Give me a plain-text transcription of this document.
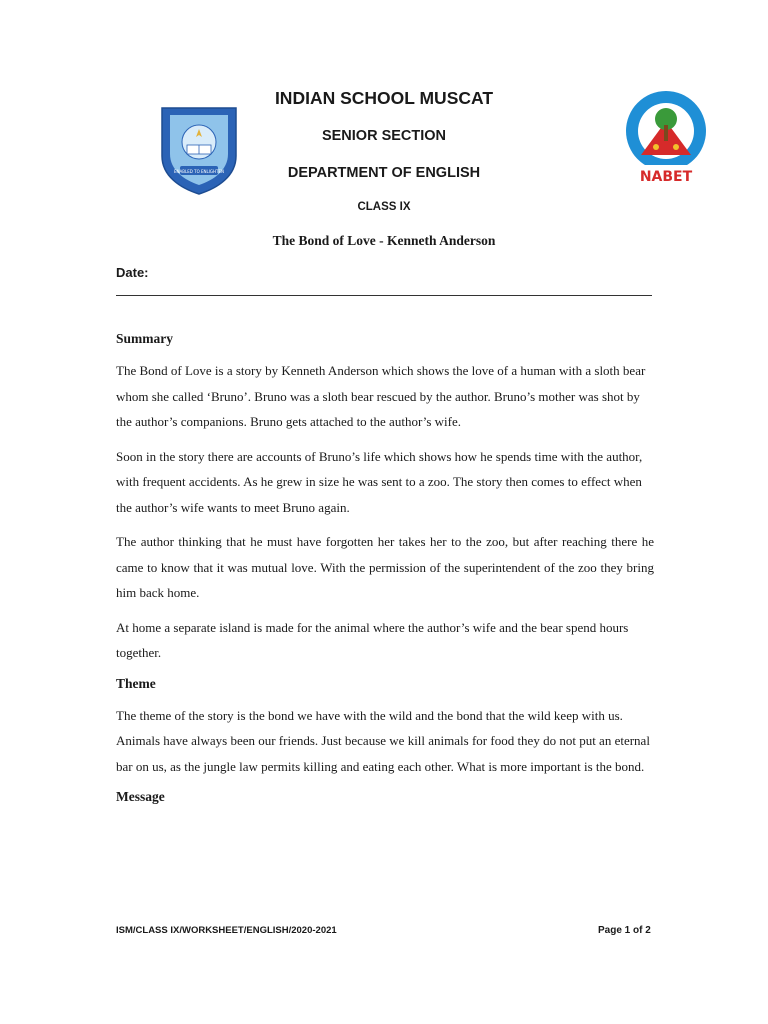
ENABLED TO ENLIGHTEN	NABET
INDIAN SCHOOL MUSCAT
SENIOR SECTION
DEPARTMENT OF ENGLISH
CLASS IX
The Bond of Love - Kenneth Anderson
Date:
Summary

The Bond of Love is a story by Kenneth Anderson which shows the love of a human with a sloth bear whom she called ‘Bruno’. Bruno was a sloth bear rescued by the author. Bruno’s mother was shot by the author’s companions. Bruno gets attached to the author’s wife.

Soon in the story there are accounts of Bruno’s life which shows how he spends time with the author, with frequent accidents. As he grew in size he was sent to a zoo. The story then comes to effect when the author’s wife wants to meet Bruno again.

The author thinking that he must have forgotten her takes her to the zoo, but after reaching there he came to know that it was mutual love. With the permission of the superintendent of the zoo they bring him back home.

At home a separate island is made for the animal where the author’s wife and the bear spend hours together.

Theme

The theme of the story is the bond we have with the wild and the bond that the wild keep with us. Animals have always been our friends. Just because we kill animals for food they do not put an eternal bar on us, as the jungle law permits killing and eating each other. What is more important is the bond.

Message
ISM/CLASS IX/WORKSHEET/ENGLISH/2020-2021	Page 1 of 2
